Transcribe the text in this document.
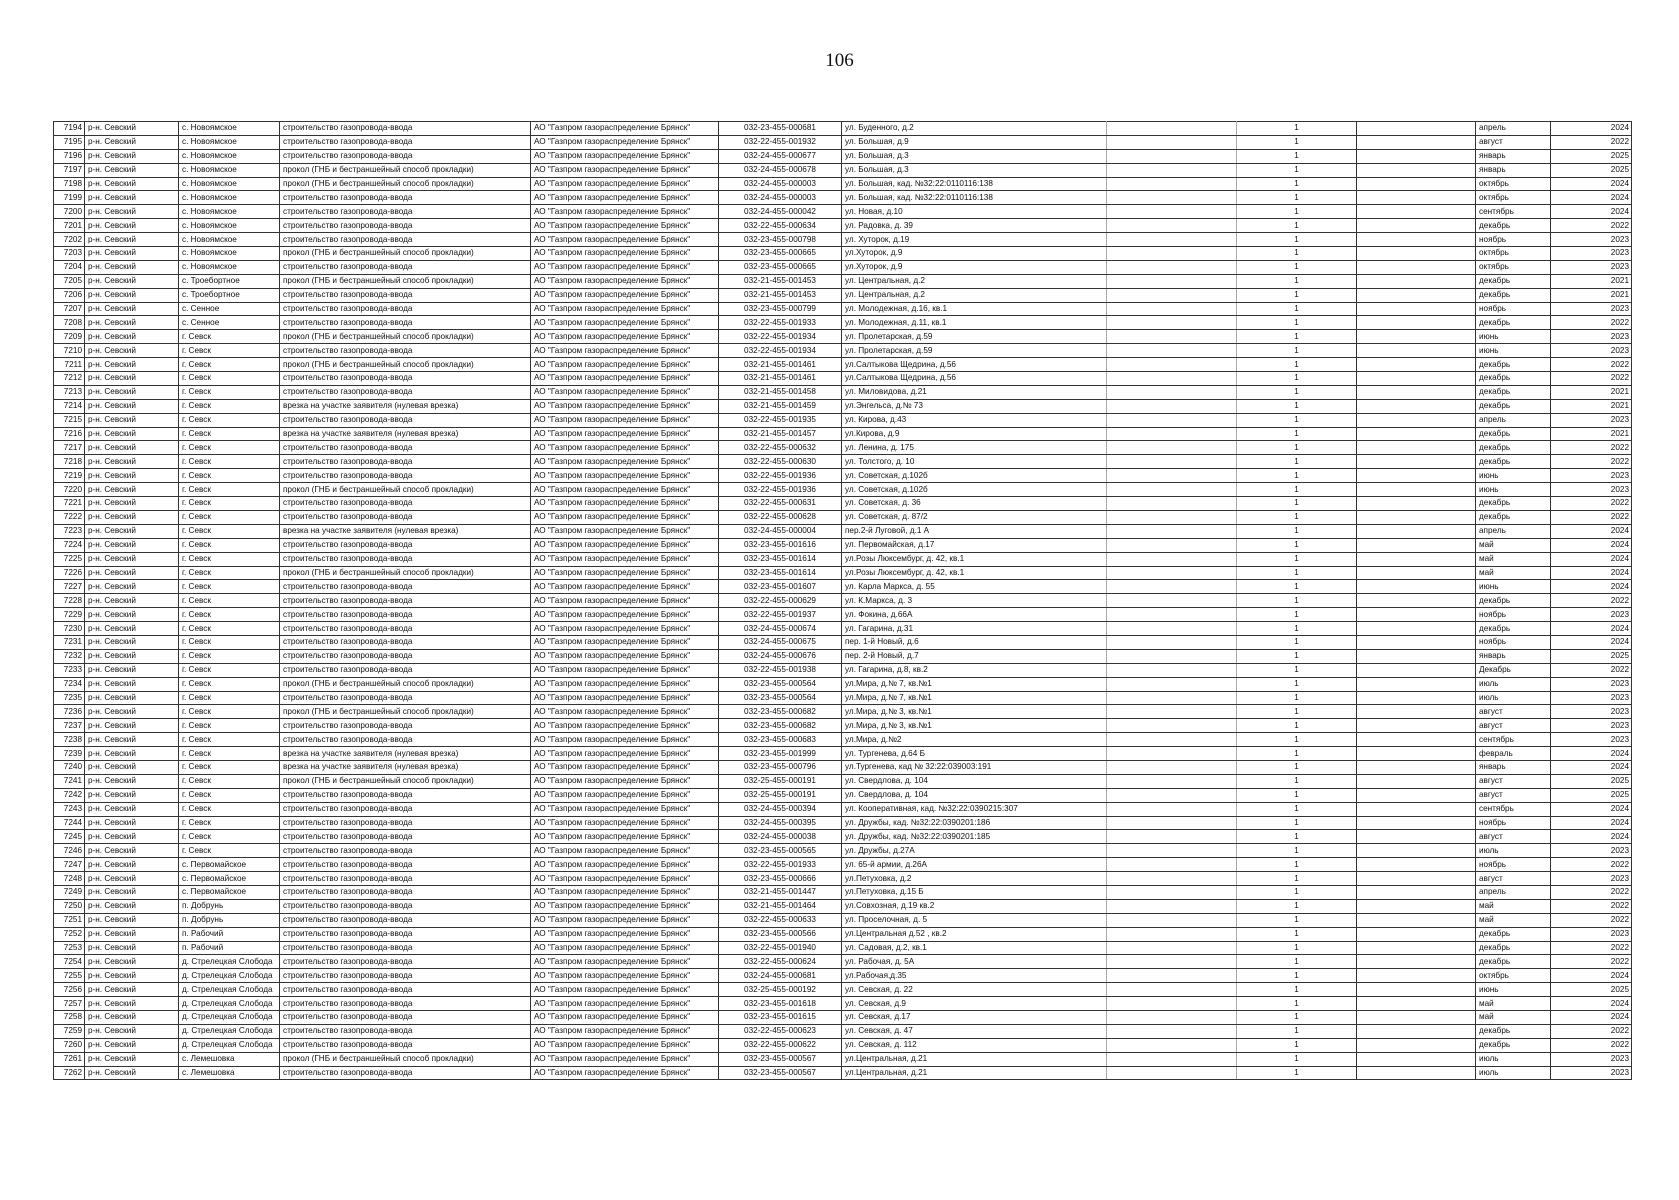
106
7194	р-н. Севский	с. Новоямское	строительство газопровода-ввода	АО "Газпром газораспределение Брянск"	032-23-455-000681	ул. Буденного, д.2		1		апрель	2024
7195	р-н. Севский	с. Новоямское	строительство газопровода-ввода	АО "Газпром газораспределение Брянск"	032-22-455-001932	ул. Большая, д.9		1		август	2022
7196	р-н. Севский	с. Новоямское	строительство газопровода-ввода	АО "Газпром газораспределение Брянск"	032-24-455-000677	ул. Большая, д.3		1		январь	2025
7197	р-н. Севский	с. Новоямское	прокол (ГНБ и бестраншейный способ прокладки)	АО "Газпром газораспределение Брянск"	032-24-455-000678	ул. Большая, д.3		1		январь	2025
7198	р-н. Севский	с. Новоямское	прокол (ГНБ и бестраншейный способ прокладки)	АО "Газпром газораспределение Брянск"	032-24-455-000003	ул. Большая, кад. №32:22:0110116:138		1		октябрь	2024
7199	р-н. Севский	с. Новоямское	строительство газопровода-ввода	АО "Газпром газораспределение Брянск"	032-24-455-000003	ул. Большая, кад. №32:22:0110116:138		1		октябрь	2024
7200	р-н. Севский	с. Новоямское	строительство газопровода-ввода	АО "Газпром газораспределение Брянск"	032-24-455-000042	ул. Новая, д.10		1		сентябрь	2024
7201	р-н. Севский	с. Новоямское	строительство газопровода-ввода	АО "Газпром газораспределение Брянск"	032-22-455-000634	ул. Радовка, д. 39		1		декабрь	2022
7202	р-н. Севский	с. Новоямское	строительство газопровода-ввода	АО "Газпром газораспределение Брянск"	032-23-455-000798	ул. Хуторок, д.19		1		ноябрь	2023
7203	р-н. Севский	с. Новоямское	прокол (ГНБ и бестраншейный способ прокладки)	АО "Газпром газораспределение Брянск"	032-23-455-000665	ул.Хуторок, д.9		1		октябрь	2023
7204	р-н. Севский	с. Новоямское	строительство газопровода-ввода	АО "Газпром газораспределение Брянск"	032-23-455-000665	ул.Хуторок, д.9		1		октябрь	2023
7205	р-н. Севский	с. Троебортное	прокол (ГНБ и бестраншейный способ прокладки)	АО "Газпром газораспределение Брянск"	032-21-455-001453	ул. Центральная, д.2		1		декабрь	2021
7206	р-н. Севский	с. Троебортное	строительство газопровода-ввода	АО "Газпром газораспределение Брянск"	032-21-455-001453	ул. Центральная, д.2		1		декабрь	2021
7207	р-н. Севский	с. Сенное	строительство газопровода-ввода	АО "Газпром газораспределение Брянск"	032-23-455-000799	ул. Молодежная, д.16, кв.1		1		ноябрь	2023
7208	р-н. Севский	с. Сенное	строительство газопровода-ввода	АО "Газпром газораспределение Брянск"	032-22-455-001933	ул. Молодежная, д.11, кв.1		1		декабрь	2022
7209	р-н. Севский	г. Севск	прокол (ГНБ и бестраншейный способ прокладки)	АО "Газпром газораспределение Брянск"	032-22-455-001934	ул. Пролетарская, д.59		1		июнь	2023
7210	р-н. Севский	г. Севск	строительство газопровода-ввода	АО "Газпром газораспределение Брянск"	032-22-455-001934	ул. Пролетарская, д.59		1		июнь	2023
7211	р-н. Севский	г. Севск	прокол (ГНБ и бестраншейный способ прокладки)	АО "Газпром газораспределение Брянск"	032-21-455-001461	ул.Салтыкова Щедрина, д.56		1		декабрь	2022
7212	р-н. Севский	г. Севск	строительство газопровода-ввода	АО "Газпром газораспределение Брянск"	032-21-455-001461	ул.Салтыкова Щедрина, д.56		1		декабрь	2022
7213	р-н. Севский	г. Севск	строительство газопровода-ввода	АО "Газпром газораспределение Брянск"	032-21-455-001458	ул. Миловидова, д.21		1		декабрь	2021
7214	р-н. Севский	г. Севск	врезка на участке заявителя (нулевая врезка)	АО "Газпром газораспределение Брянск"	032-21-455-001459	ул.Энгельса, д.№ 73		1		декабрь	2021
7215	р-н. Севский	г. Севск	строительство газопровода-ввода	АО "Газпром газораспределение Брянск"	032-22-455-001935	ул. Кирова, д.43		1		апрель	2023
7216	р-н. Севский	г. Севск	врезка на участке заявителя (нулевая врезка)	АО "Газпром газораспределение Брянск"	032-21-455-001457	ул.Кирова, д.9		1		декабрь	2021
7217	р-н. Севский	г. Севск	строительство газопровода-ввода	АО "Газпром газораспределение Брянск"	032-22-455-000632	ул. Ленина, д. 175		1		декабрь	2022
7218	р-н. Севский	г. Севск	строительство газопровода-ввода	АО "Газпром газораспределение Брянск"	032-22-455-000630	ул. Толстого, д. 10		1		декабрь	2022
7219	р-н. Севский	г. Севск	строительство газопровода-ввода	АО "Газпром газораспределение Брянск"	032-22-455-001936	ул. Советская, д.102б		1		июнь	2023
7220	р-н. Севский	г. Севск	прокол (ГНБ и бестраншейный способ прокладки)	АО "Газпром газораспределение Брянск"	032-22-455-001936	ул. Советская, д.102б		1		июнь	2023
7221	р-н. Севский	г. Севск	строительство газопровода-ввода	АО "Газпром газораспределение Брянск"	032-22-455-000631	ул. Советская, д. 36		1		декабрь	2022
7222	р-н. Севский	г. Севск	строительство газопровода-ввода	АО "Газпром газораспределение Брянск"	032-22-455-000628	ул. Советская, д. 87/2		1		декабрь	2022
7223	р-н. Севский	г. Севск	врезка на участке заявителя (нулевая врезка)	АО "Газпром газораспределение Брянск"	032-24-455-000004	пер.2-й Луговой, д.1 А		1		апрель	2024
7224	р-н. Севский	г. Севск	строительство газопровода-ввода	АО "Газпром газораспределение Брянск"	032-23-455-001616	ул. Первомайская, д.17		1		май	2024
7225	р-н. Севский	г. Севск	строительство газопровода-ввода	АО "Газпром газораспределение Брянск"	032-23-455-001614	ул.Розы Люксембург, д. 42, кв.1		1		май	2024
7226	р-н. Севский	г. Севск	прокол (ГНБ и бестраншейный способ прокладки)	АО "Газпром газораспределение Брянск"	032-23-455-001614	ул.Розы Люксембург, д. 42, кв.1		1		май	2024
7227	р-н. Севский	г. Севск	строительство газопровода-ввода	АО "Газпром газораспределение Брянск"	032-23-455-001607	ул. Карла Маркса, д. 55		1		июнь	2024
7228	р-н. Севский	г. Севск	строительство газопровода-ввода	АО "Газпром газораспределение Брянск"	032-22-455-000629	ул. К.Маркса, д. 3		1		декабрь	2022
7229	р-н. Севский	г. Севск	строительство газопровода-ввода	АО "Газпром газораспределение Брянск"	032-22-455-001937	ул. Фокина, д.66А		1		ноябрь	2023
7230	р-н. Севский	г. Севск	строительство газопровода-ввода	АО "Газпром газораспределение Брянск"	032-24-455-000674	ул. Гагарина, д.31		1		декабрь	2024
7231	р-н. Севский	г. Севск	строительство газопровода-ввода	АО "Газпром газораспределение Брянск"	032-24-455-000675	пер. 1-й Новый, д.6		1		ноябрь	2024
7232	р-н. Севский	г. Севск	строительство газопровода-ввода	АО "Газпром газораспределение Брянск"	032-24-455-000676	пер. 2-й Новый, д.7		1		январь	2025
7233	р-н. Севский	г. Севск	строительство газопровода-ввода	АО "Газпром газораспределение Брянск"	032-22-455-001938	ул. Гагарина, д.8, кв.2		1		Декабрь	2022
7234	р-н. Севский	г. Севск	прокол (ГНБ и бестраншейный способ прокладки)	АО "Газпром газораспределение Брянск"	032-23-455-000564	ул.Мира, д.№ 7, кв.№1		1		июль	2023
7235	р-н. Севский	г. Севск	строительство газопровода-ввода	АО "Газпром газораспределение Брянск"	032-23-455-000564	ул.Мира, д.№ 7, кв.№1		1		июль	2023
7236	р-н. Севский	г. Севск	прокол (ГНБ и бестраншейный способ прокладки)	АО "Газпром газораспределение Брянск"	032-23-455-000682	ул.Мира, д.№ 3, кв.№1		1		август	2023
7237	р-н. Севский	г. Севск	строительство газопровода-ввода	АО "Газпром газораспределение Брянск"	032-23-455-000682	ул.Мира, д.№ 3, кв.№1		1		август	2023
7238	р-н. Севский	г. Севск	строительство газопровода-ввода	АО "Газпром газораспределение Брянск"	032-23-455-000683	ул.Мира, д.№2		1		сентябрь	2023
7239	р-н. Севский	г. Севск	врезка на участке заявителя (нулевая врезка)	АО "Газпром газораспределение Брянск"	032-23-455-001999	ул. Тургенева, д.64 Б		1		февраль	2024
7240	р-н. Севский	г. Севск	врезка на участке заявителя (нулевая врезка)	АО "Газпром газораспределение Брянск"	032-23-455-000796	ул.Тургенева, кад № 32:22:039003:191		1		январь	2024
7241	р-н. Севский	г. Севск	прокол (ГНБ и бестраншейный способ прокладки)	АО "Газпром газораспределение Брянск"	032-25-455-000191	ул. Свердлова, д. 104		1		август	2025
7242	р-н. Севский	г. Севск	строительство газопровода-ввода	АО "Газпром газораспределение Брянск"	032-25-455-000191	ул. Свердлова, д. 104		1		август	2025
7243	р-н. Севский	г. Севск	строительство газопровода-ввода	АО "Газпром газораспределение Брянск"	032-24-455-000394	ул. Кооперативная, кад. №32:22:0390215:307		1		сентябрь	2024
7244	р-н. Севский	г. Севск	строительство газопровода-ввода	АО "Газпром газораспределение Брянск"	032-24-455-000395	ул. Дружбы, кад. №32:22:0390201:186		1		ноябрь	2024
7245	р-н. Севский	г. Севск	строительство газопровода-ввода	АО "Газпром газораспределение Брянск"	032-24-455-000038	ул. Дружбы, кад. №32:22:0390201:185		1		август	2024
7246	р-н. Севский	г. Севск	строительство газопровода-ввода	АО "Газпром газораспределение Брянск"	032-23-455-000565	ул. Дружбы, д.27А		1		июль	2023
7247	р-н. Севский	с. Первомайское	строительство газопровода-ввода	АО "Газпром газораспределение Брянск"	032-22-455-001933	ул. 65-й армии, д.26А		1		ноябрь	2022
7248	р-н. Севский	с. Первомайское	строительство газопровода-ввода	АО "Газпром газораспределение Брянск"	032-23-455-000666	ул.Петуховка, д.2		1		август	2023
7249	р-н. Севский	с. Первомайское	строительство газопровода-ввода	АО "Газпром газораспределение Брянск"	032-21-455-001447	ул.Петуховка, д.15 Б		1		апрель	2022
7250	р-н. Севский	п. Добрунь	строительство газопровода-ввода	АО "Газпром газораспределение Брянск"	032-21-455-001464	ул.Совхозная, д.19 кв.2		1		май	2022
7251	р-н. Севский	п. Добрунь	строительство газопровода-ввода	АО "Газпром газораспределение Брянск"	032-22-455-000633	ул. Проселочная, д. 5		1		май	2022
7252	р-н. Севский	п. Рабочий	строительство газопровода-ввода	АО "Газпром газораспределение Брянск"	032-23-455-000566	ул.Центральная д.52 , кв.2		1		декабрь	2023
7253	р-н. Севский	п. Рабочий	строительство газопровода-ввода	АО "Газпром газораспределение Брянск"	032-22-455-001940	ул. Садовая, д.2, кв.1		1		декабрь	2022
7254	р-н. Севский	д. Стрелецкая Слобода	строительство газопровода-ввода	АО "Газпром газораспределение Брянск"	032-22-455-000624	ул. Рабочая, д. 5А		1		декабрь	2022
7255	р-н. Севский	д. Стрелецкая Слобода	строительство газопровода-ввода	АО "Газпром газораспределение Брянск"	032-24-455-000681	ул.Рабочая,д.35		1		октябрь	2024
7256	р-н. Севский	д. Стрелецкая Слобода	строительство газопровода-ввода	АО "Газпром газораспределение Брянск"	032-25-455-000192	ул. Севская, д. 22		1		июнь	2025
7257	р-н. Севский	д. Стрелецкая Слобода	строительство газопровода-ввода	АО "Газпром газораспределение Брянск"	032-23-455-001618	ул. Севская, д.9		1		май	2024
7258	р-н. Севский	д. Стрелецкая Слобода	строительство газопровода-ввода	АО "Газпром газораспределение Брянск"	032-23-455-001615	ул. Севская, д.17		1		май	2024
7259	р-н. Севский	д. Стрелецкая Слобода	строительство газопровода-ввода	АО "Газпром газораспределение Брянск"	032-22-455-000623	ул. Севская, д. 47		1		декабрь	2022
7260	р-н. Севский	д. Стрелецкая Слобода	строительство газопровода-ввода	АО "Газпром газораспределение Брянск"	032-22-455-000622	ул. Севская, д. 112		1		декабрь	2022
7261	р-н. Севский	с. Лемешовка	прокол (ГНБ и бестраншейный способ прокладки)	АО "Газпром газораспределение Брянск"	032-23-455-000567	ул.Центральная, д.21		1		июль	2023
7262	р-н. Севский	с. Лемешовка	строительство газопровода-ввода	АО "Газпром газораспределение Брянск"	032-23-455-000567	ул.Центральная, д.21		1		июль	2023
